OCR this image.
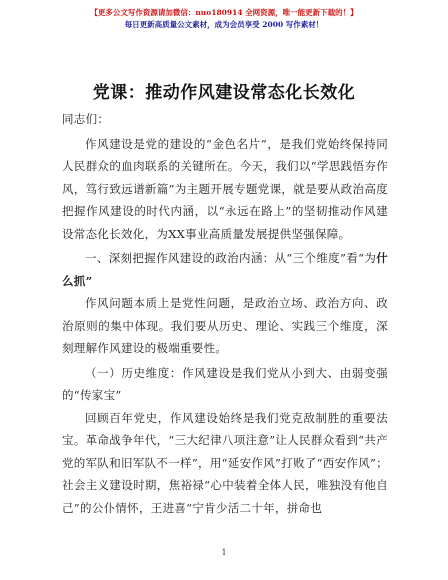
【更多公文写作资源请加微信：nuo180914 全网资源，唯一能更新下载的！】
每日更新高质量公文素材，成为会员享受 2000 写作素材！
党课：推动作风建设常态化长效化

同志们：

作风建设是党的建设的“金色名片”，是我们党始终保持同人民群众的血肉联系的关键所在。今天，我们以“学思践悟夯作风，笃行致远谱新篇”为主题开展专题党课，就是要从政治高度把握作风建设的时代内涵，以“永远在路上”的坚韧推动作风建设常态化长效化，为XX事业高质量发展提供坚强保障。

一、深刻把握作风建设的政治内涵：从“三个维度”看“为什么抓”

作风问题本质上是党性问题，是政治立场、政治方向、政治原则的集中体现。我们要从历史、理论、实践三个维度，深刻理解作风建设的极端重要性。

（一）历史维度：作风建设是我们党从小到大、由弱变强的“传家宝”

回顾百年党史，作风建设始终是我们党克敌制胜的重要法宝。革命战争年代，“三大纪律八项注意”让人民群众看到“共产党的军队和旧军队不一样”，用“延安作风”打败了“西安作风”；社会主义建设时期，焦裕禄“心中装着全体人民，唯独没有他自己”的公仆情怀，王进喜“宁肯少活二十年，拼命也

1
